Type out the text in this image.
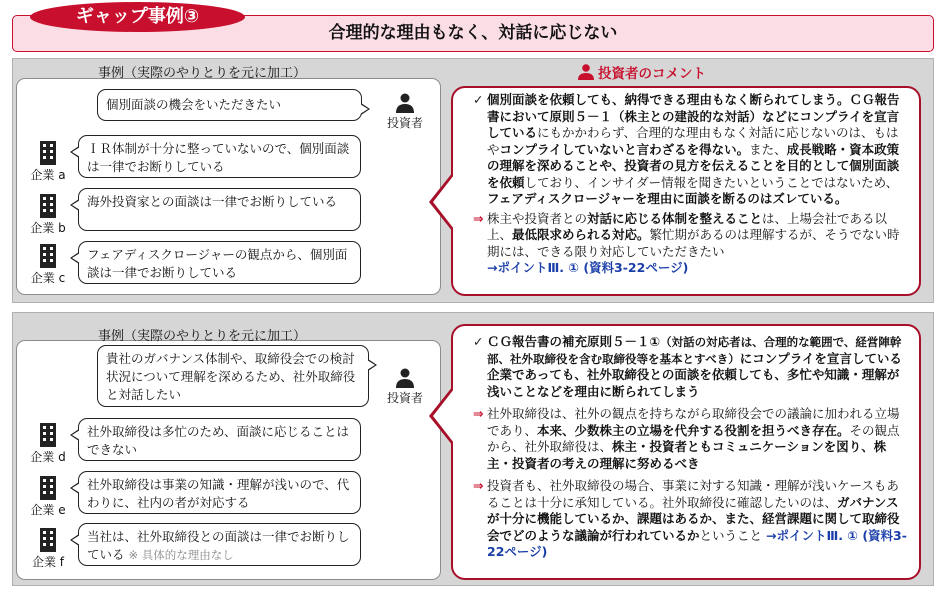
ギャップ事例③
合理的な理由もなく、対話に応じない
事例（実際のやりとりを元に加工）
個別面談の機会をいただきたい
投資者
企業 a
ＩＲ体制が十分に整っていないので、個別面談は一律でお断りしている
企業 b
海外投資家との面談は一律でお断りしている
企業 c
フェアディスクロージャーの観点から、個別面談は一律でお断りしている
投資者のコメント
✓ 個別面談を依頼しても、納得できる理由もなく断られてしまう。ＣＧ報告書において原則５－１（株主との建設的な対話）などにコンプライを宣言しているにもかかわらず、合理的な理由もなく対話に応じないのは、もはやコンプライしていないと言わざるを得ない。また、成長戦略・資本政策の理解を深めることや、投資者の見方を伝えることを目的として個別面談を依頼しており、インサイダー情報を聞きたいということではないため、フェアディスクロージャーを理由に面談を断るのはズレている。
⇒ 株主や投資者との対話に応じる体制を整えることは、上場会社である以上、最低限求められる対応。繁忙期があるのは理解するが、そうでない時期には、できる限り対応していただきたい
→ポイントⅢ. ① (資料3-22ページ)
事例（実際のやりとりを元に加工）
貴社のガバナンス体制や、取締役会での検討状況について理解を深めるため、社外取締役と対話したい	投資者
企業 d
社外取締役は多忙のため、面談に応じることはできない
企業 e
社外取締役は事業の知識・理解が浅いので、代わりに、社内の者が対応する
企業 f
当社は、社外取締役との面談は一律でお断りしている ※ 具体的な理由なし
✓ ＣＧ報告書の補充原則５－１①（対話の対応者は、合理的な範囲で、経営陣幹部、社外取締役を含む取締役等を基本とすべき）にコンプライを宣言している企業であっても、社外取締役との面談を依頼しても、多忙や知識・理解が浅いことなどを理由に断られてしまう
⇒ 社外取締役は、社外の観点を持ちながら取締役会での議論に加われる立場であり、本来、少数株主の立場を代弁する役割を担うべき存在。その観点から、社外取締役は、株主・投資者ともコミュニケーションを図り、株主・投資者の考えの理解に努めるべき
⇒ 投資者も、社外取締役の場合、事業に対する知識・理解が浅いケースもあることは十分に承知している。社外取締役に確認したいのは、ガバナンスが十分に機能しているか、課題はあるか、また、経営課題に関して取締役会でどのような議論が行われているかということ →ポイントⅢ. ① (資料3-22ページ)
